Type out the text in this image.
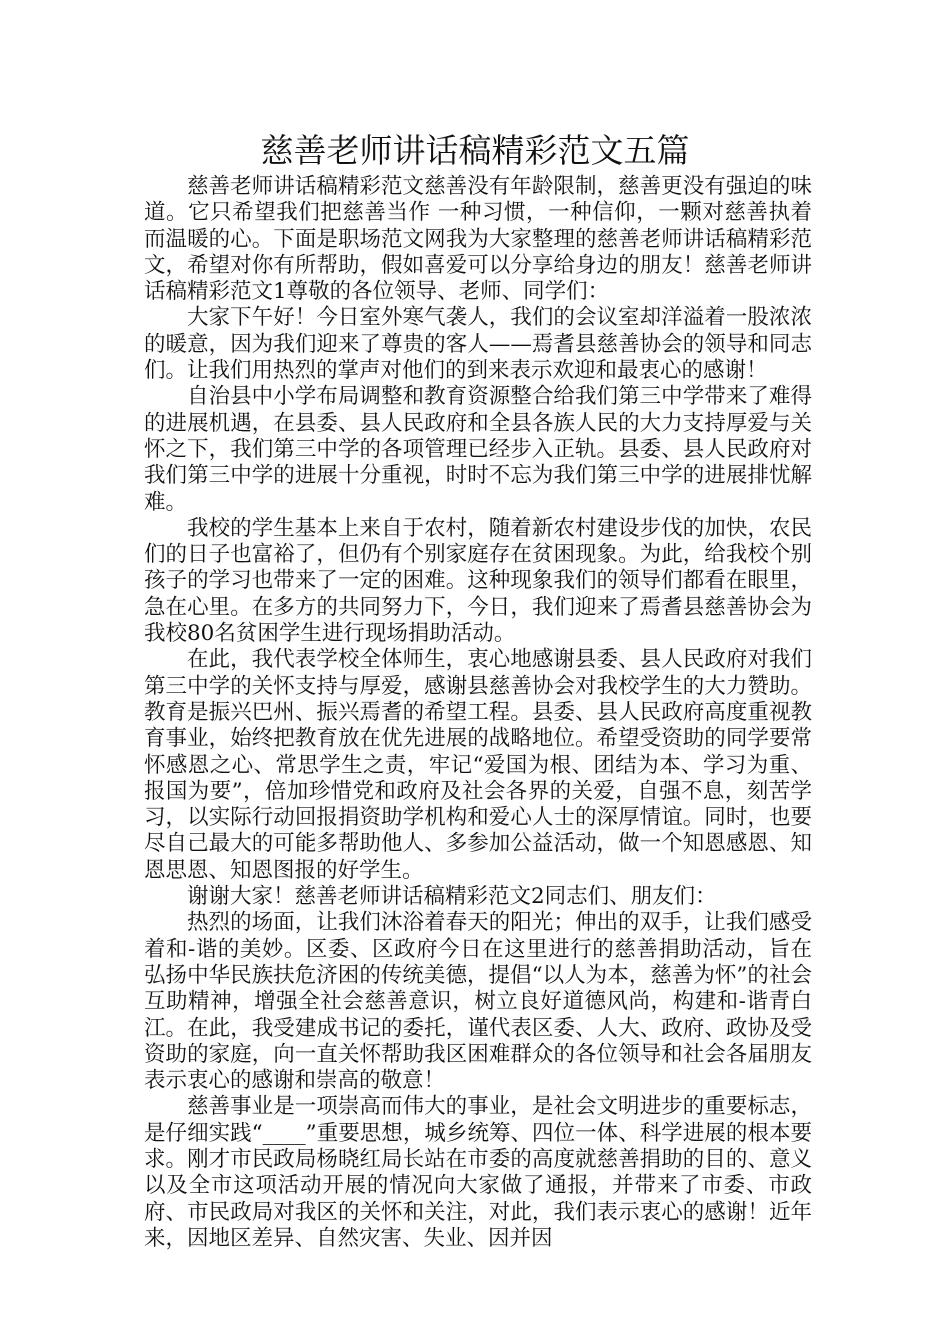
慈善老师讲话稿精彩范文五篇

慈善老师讲话稿精彩范文慈善没有年龄限制，慈善更没有强迫的味道。它只希望我们把慈善当作 一种习惯，一种信仰，一颗对慈善执着而温暖的心。下面是职场范文网我为大家整理的慈善老师讲话稿精彩范文，希望对你有所帮助，假如喜爱可以分享给身边的朋友！慈善老师讲话稿精彩范文1尊敬的各位领导、老师、同学们：

大家下午好！今日室外寒气袭人，我们的会议室却洋溢着一股浓浓的暖意，因为我们迎来了尊贵的客人——焉耆县慈善协会的领导和同志们。让我们用热烈的掌声对他们的到来表示欢迎和最衷心的感谢！

自治县中小学布局调整和教育资源整合给我们第三中学带来了难得的进展机遇，在县委、县人民政府和全县各族人民的大力支持厚爱与关怀之下，我们第三中学的各项管理已经步入正轨。县委、县人民政府对我们第三中学的进展十分重视，时时不忘为我们第三中学的进展排忧解难。

我校的学生基本上来自于农村，随着新农村建设步伐的加快，农民们的日子也富裕了，但仍有个别家庭存在贫困现象。为此，给我校个别孩子的学习也带来了一定的困难。这种现象我们的领导们都看在眼里，急在心里。在多方的共同努力下，今日，我们迎来了焉耆县慈善协会为我校80名贫困学生进行现场捐助活动。

在此，我代表学校全体师生，衷心地感谢县委、县人民政府对我们第三中学的关怀支持与厚爱，感谢县慈善协会对我校学生的大力赞助。教育是振兴巴州、振兴焉耆的希望工程。县委、县人民政府高度重视教育事业，始终把教育放在优先进展的战略地位。希望受资助的同学要常怀感恩之心、常思学生之责，牢记“爱国为根、团结为本、学习为重、报国为要”，倍加珍惜党和政府及社会各界的关爱，自强不息，刻苦学习，以实际行动回报捐资助学机构和爱心人士的深厚情谊。同时，也要尽自己最大的可能多帮助他人、多参加公益活动，做一个知恩感恩、知恩思恩、知恩图报的好学生。

谢谢大家！慈善老师讲话稿精彩范文2同志们、朋友们：

热烈的场面，让我们沐浴着春天的阳光；伸出的双手，让我们感受着和-谐的美妙。区委、区政府今日在这里进行的慈善捐助活动，旨在弘扬中华民族扶危济困的传统美德，提倡“以人为本，慈善为怀”的社会互助精神，增强全社会慈善意识，树立良好道德风尚，构建和-谐青白江。在此，我受建成书记的委托，谨代表区委、人大、政府、政协及受资助的家庭，向一直关怀帮助我区困难群众的各位领导和社会各届朋友表示衷心的感谢和崇高的敬意！

慈善事业是一项崇高而伟大的事业，是社会文明进步的重要标志，是仔细实践“____”重要思想，城乡统筹、四位一体、科学进展的根本要求。刚才市民政局杨晓红局长站在市委的高度就慈善捐助的目的、意义以及全市这项活动开展的情况向大家做了通报，并带来了市委、市政府、市民政局对我区的关怀和关注，对此，我们表示衷心的感谢！近年来，因地区差异、自然灾害、失业、因并因
